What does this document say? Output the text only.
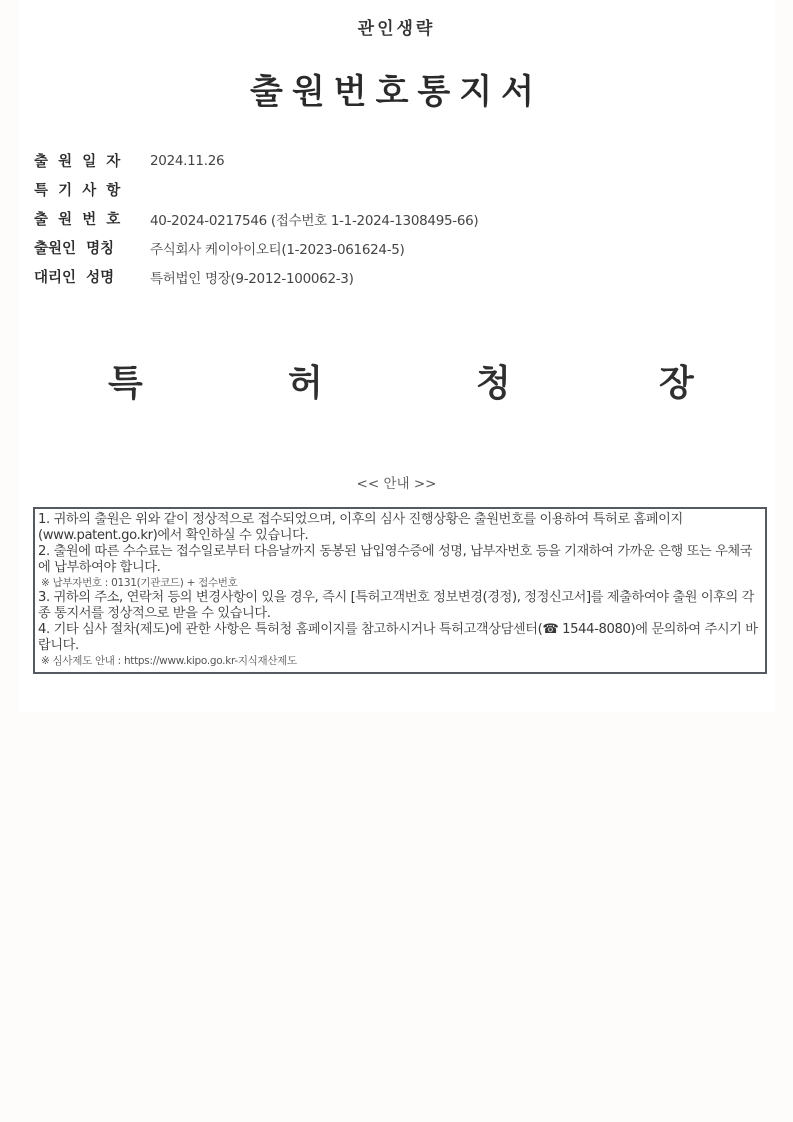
관인생략
출원번호통지서
출  원  일  자	2024.11.26
특  기  사  항
출  원  번  호	40-2024-0217546 (접수번호 1-1-2024-1308495-66)
출원인  명칭	주식회사 케이아이오티(1-2023-061624-5)
대리인  성명	특허법인 명장(9-2012-100062-3)
특	허	청	장
<< 안내 >>
1. 귀하의 출원은 위와 같이 정상적으로 접수되었으며, 이후의 심사 진행상황은 출원번호를 이용하여 특허로 홈페이지(www.patent.go.kr)에서 확인하실 수 있습니다.
2. 출원에 따른 수수료는 접수일로부터 다음날까지 동봉된 납입영수증에 성명, 납부자번호 등을 기재하여 가까운 은행 또는 우체국에 납부하여야 합니다.
※ 납부자번호 : 0131(기관코드) + 접수번호
3. 귀하의 주소, 연락처 등의 변경사항이 있을 경우, 즉시 [특허고객번호 정보변경(경정), 정정신고서]를 제출하여야 출원 이후의 각종 통지서를 정상적으로 받을 수 있습니다.
4. 기타 심사 절차(제도)에 관한 사항은 특허청 홈페이지를 참고하시거나 특허고객상담센터(☎ 1544-8080)에 문의하여 주시기 바랍니다.
※ 심사제도 안내 : https://www.kipo.go.kr-지식재산제도
